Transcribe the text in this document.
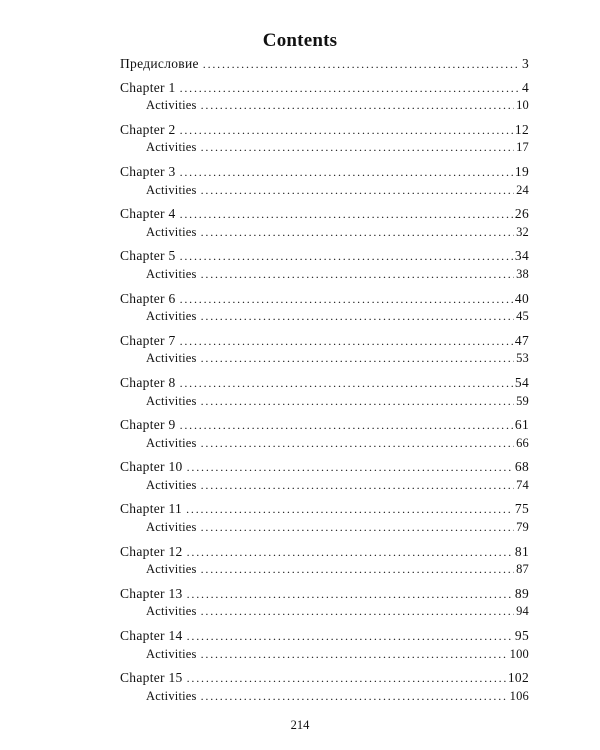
Contents
Предисловие . . .	3
Chapter 1 . . .	4
Activities . . .	10
Chapter 2 . . .	12
Activities . . .	17
Chapter 3 . . .	19
Activities . . .	24
Chapter 4 . . .	26
Activities . . .	32
Chapter 5 . . .	34
Activities . . .	38
Chapter 6 . . .	40
Activities . . .	45
Chapter 7 . . .	47
Activities . . .	53
Chapter 8 . . .	54
Activities . . .	59
Chapter 9 . . .	61
Activities . . .	66
Chapter 10 . . .	68
Activities . . .	74
Chapter 11 . . .	75
Activities . . .	79
Chapter 12 . . .	81
Activities . . .	87
Chapter 13 . . .	89
Activities . . .	94
Chapter 14 . . .	95
Activities . . .	100
Chapter 15 . . .	102
Activities . . .	106
214
